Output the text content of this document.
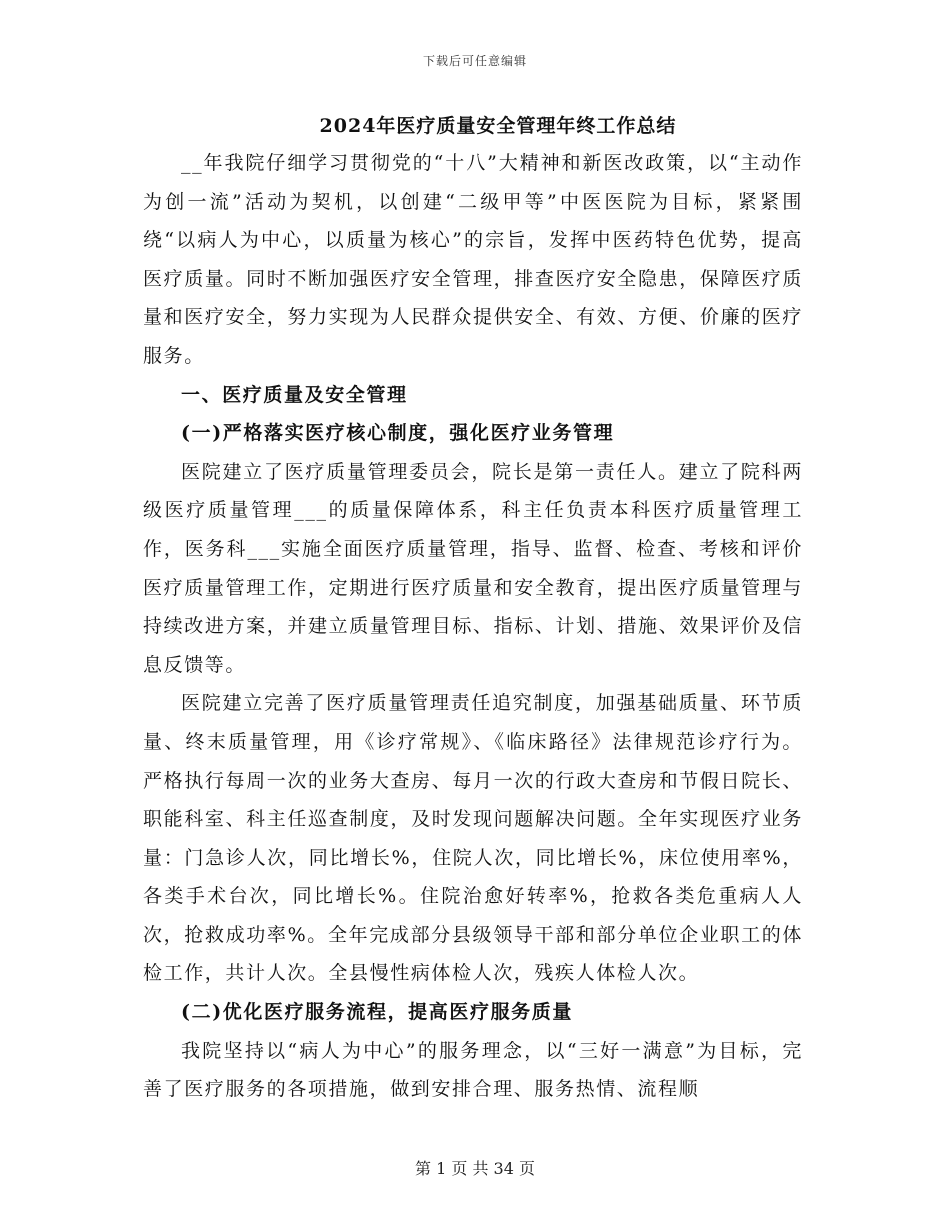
下载后可任意编辑
2024年医疗质量安全管理年终工作总结

__年我院仔细学习贯彻党的“十八”大精神和新医改政策，以“主动作为创一流”活动为契机，以创建“二级甲等”中医医院为目标，紧紧围绕“以病人为中心，以质量为核心”的宗旨，发挥中医药特色优势，提高医疗质量。同时不断加强医疗安全管理，排查医疗安全隐患，保障医疗质量和医疗安全，努力实现为人民群众提供安全、有效、方便、价廉的医疗服务。

一、医疗质量及安全管理
(一)严格落实医疗核心制度，强化医疗业务管理

医院建立了医疗质量管理委员会，院长是第一责任人。建立了院科两级医疗质量管理___的质量保障体系，科主任负责本科医疗质量管理工作，医务科___实施全面医疗质量管理，指导、监督、检查、考核和评价医疗质量管理工作，定期进行医疗质量和安全教育，提出医疗质量管理与持续改进方案，并建立质量管理目标、指标、计划、措施、效果评价及信息反馈等。

医院建立完善了医疗质量管理责任追究制度，加强基础质量、环节质量、终末质量管理，用《诊疗常规》、《临床路径》法律规范诊疗行为。严格执行每周一次的业务大查房、每月一次的行政大查房和节假日院长、职能科室、科主任巡查制度，及时发现问题解决问题。全年实现医疗业务量：门急诊人次，同比增长%，住院人次，同比增长%，床位使用率%，各类手术台次，同比增长%。住院治愈好转率%，抢救各类危重病人人次，抢救成功率%。全年完成部分县级领导干部和部分单位企业职工的体检工作，共计人次。全县慢性病体检人次，残疾人体检人次。

(二)优化医疗服务流程，提高医疗服务质量

我院坚持以“病人为中心”的服务理念，以“三好一满意”为目标，完善了医疗服务的各项措施，做到安排合理、服务热情、流程顺

第 1 页 共 34 页
